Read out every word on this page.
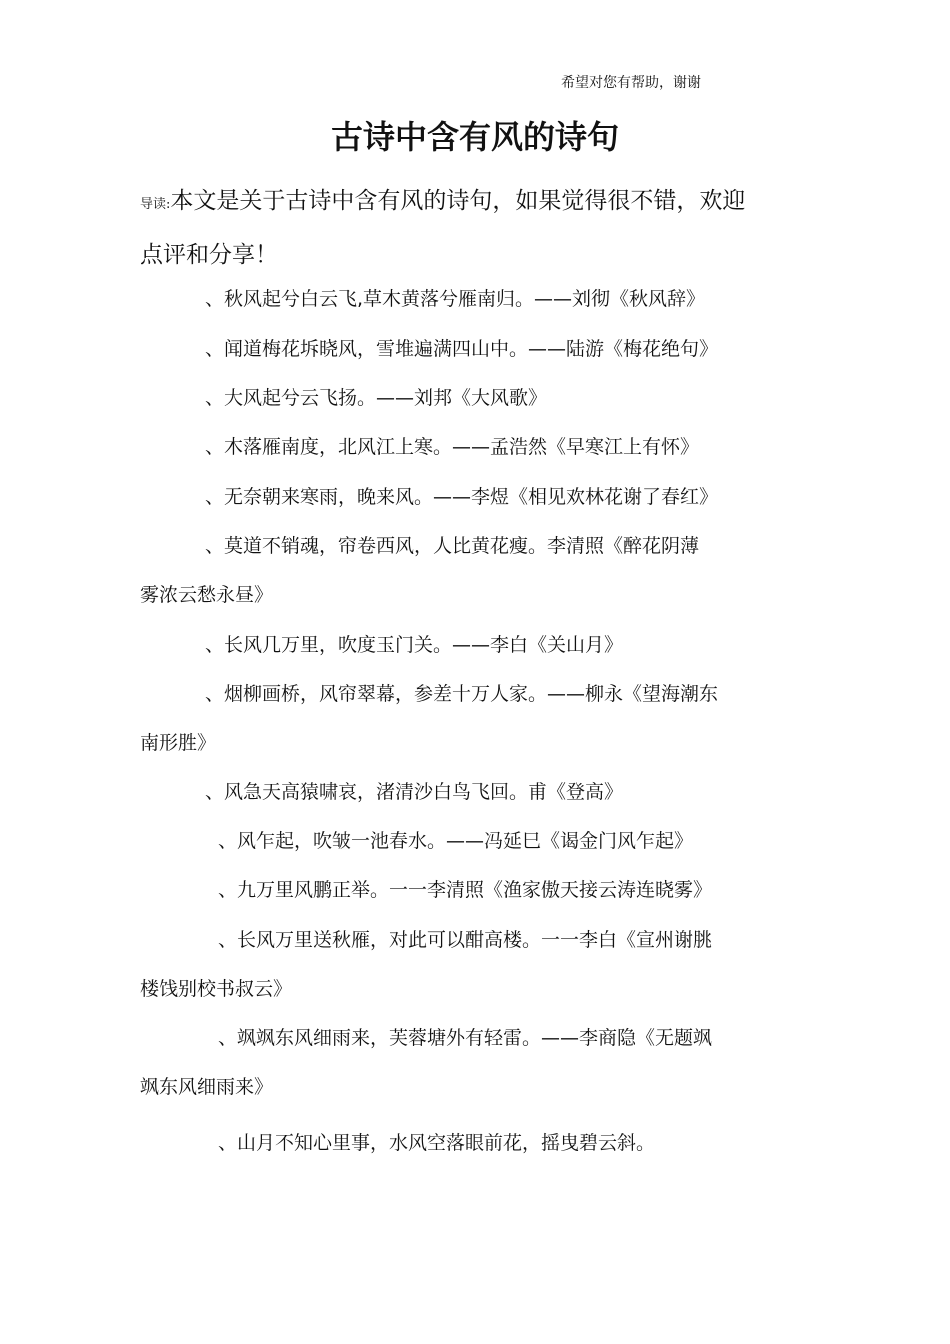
希望对您有帮助，谢谢
古诗中含有风的诗句
导读:本文是关于古诗中含有风的诗句，如果觉得很不错，欢迎
点评和分享！
、秋风起兮白云飞,草木黄落兮雁南归。——刘彻《秋风辞》
、闻道梅花坼晓风，雪堆遍满四山中。——陆游《梅花绝句》
、大风起兮云飞扬。——刘邦《大风歌》
、木落雁南度，北风江上寒。——孟浩然《早寒江上有怀》
、无奈朝来寒雨，晚来风。——李煜《相见欢林花谢了春红》
、莫道不销魂，帘卷西风，人比黄花瘦。李清照《醉花阴薄
雾浓云愁永昼》
、长风几万里，吹度玉门关。——李白《关山月》
、烟柳画桥，风帘翠幕，参差十万人家。——柳永《望海潮东
南形胜》
、风急天高猿啸哀，渚清沙白鸟飞回。甫《登高》
、风乍起，吹皱一池春水。——冯延巳《谒金门风乍起》
、九万里风鹏正举。一一李清照《渔家傲天接云涛连晓雾》
、长风万里送秋雁，对此可以酣高楼。一一李白《宣州谢朓
楼饯别校书叔云》
、飒飒东风细雨来，芙蓉塘外有轻雷。——李商隐《无题飒
飒东风细雨来》
、山月不知心里事，水风空落眼前花，摇曳碧云斜。
